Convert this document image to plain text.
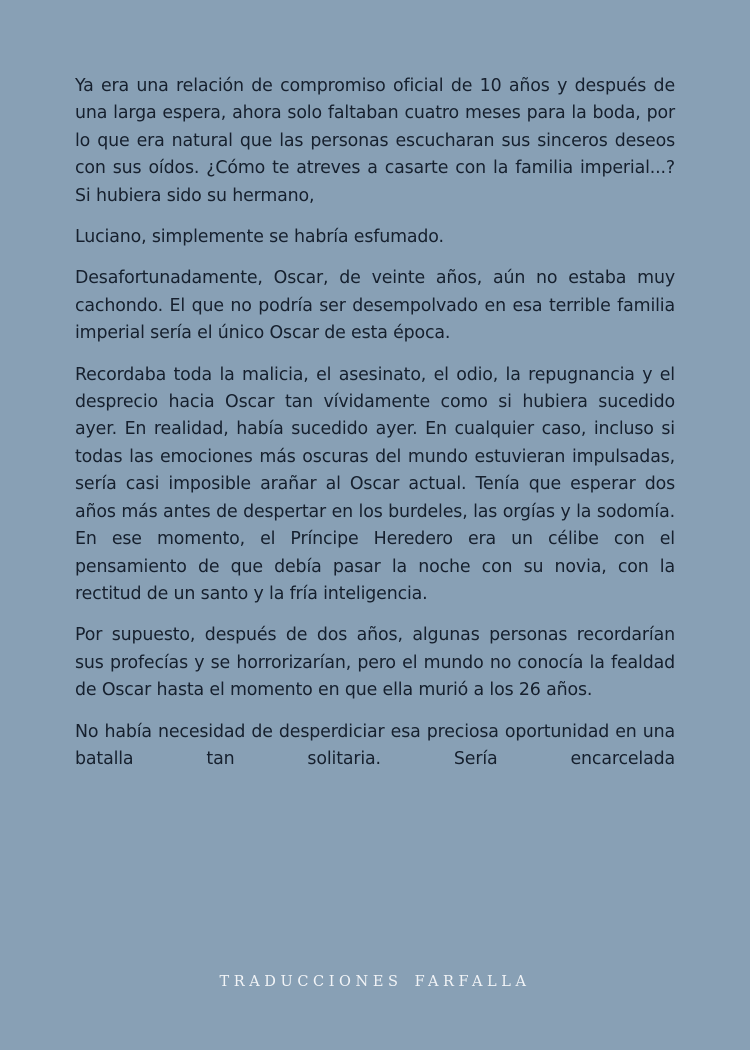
Ya era una relación de compromiso oficial de 10 años y después de una larga espera, ahora solo faltaban cuatro meses para la boda, por lo que era natural que las personas escucharan sus sinceros deseos con sus oídos. ¿Cómo te atreves a casarte con la familia imperial...? Si hubiera sido su hermano,

Luciano, simplemente se habría esfumado.

Desafortunadamente, Oscar, de veinte años, aún no estaba muy cachondo. El que no podría ser desempolvado en esa terrible familia imperial sería el único Oscar de esta época.

Recordaba toda la malicia, el asesinato, el odio, la repugnancia y el desprecio hacia Oscar tan vívidamente como si hubiera sucedido ayer. En realidad, había sucedido ayer. En cualquier caso, incluso si todas las emociones más oscuras del mundo estuvieran impulsadas, sería casi imposible arañar al Oscar actual. Tenía que esperar dos años más antes de despertar en los burdeles, las orgías y la sodomía. En ese momento, el Príncipe Heredero era un célibe con el pensamiento de que debía pasar la noche con su novia, con la rectitud de un santo y la fría inteligencia.

Por supuesto, después de dos años, algunas personas recordarían sus profecías y se horrorizarían, pero el mundo no conocía la fealdad de Oscar hasta el momento en que ella murió a los 26 años.

No había necesidad de desperdiciar esa preciosa oportunidad en una batalla tan solitaria. Sería encarcelada

TRADUCCIONES FARFALLA
